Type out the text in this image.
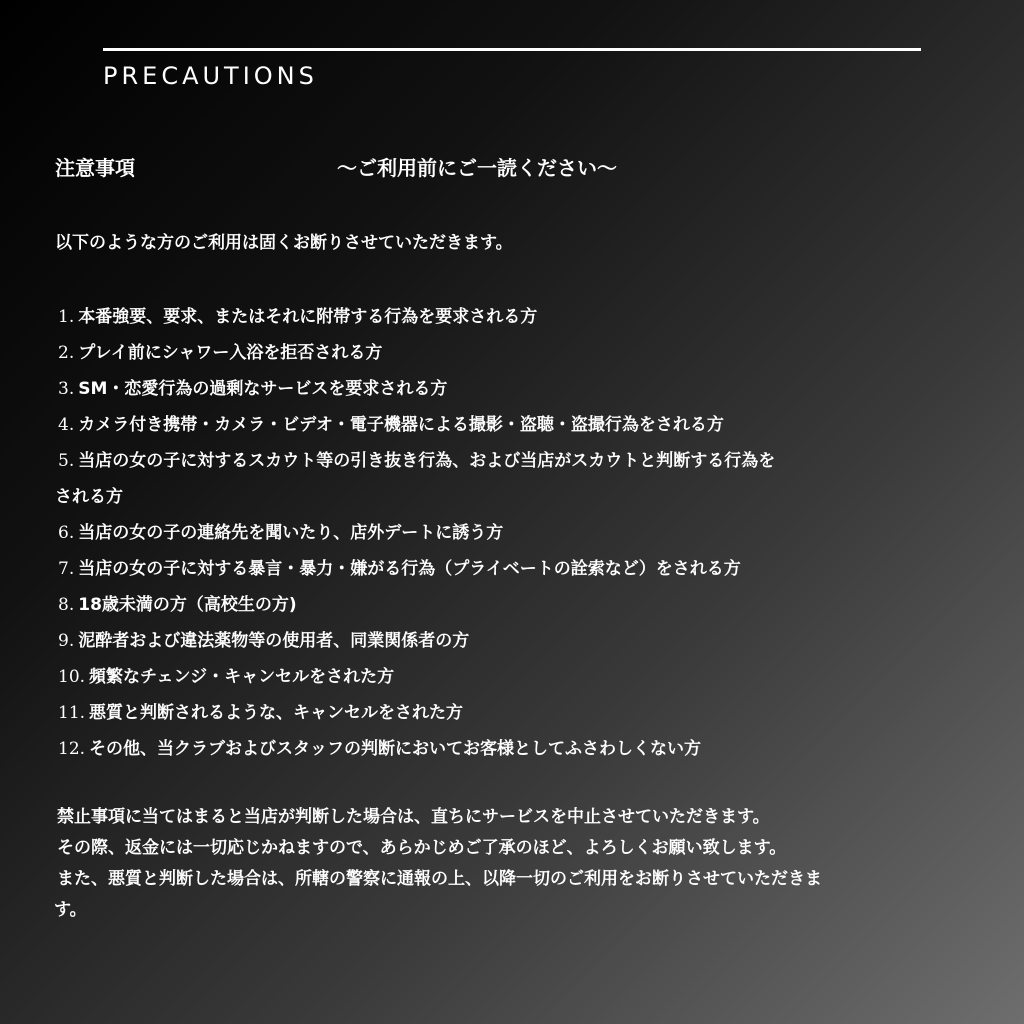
PRECAUTIONS
注意事項	〜ご利用前にご一読ください〜
以下のような方のご利用は固くお断りさせていただきます。
1. 本番強要、要求、またはそれに附帯する行為を要求される方
2. プレイ前にシャワー入浴を拒否される方
3. SM・恋愛行為の過剰なサービスを要求される方
4. カメラ付き携帯・カメラ・ビデオ・電子機器による撮影・盗聴・盗撮行為をされる方
5. 当店の女の子に対するスカウト等の引き抜き行為、および当店がスカウトと判断する行為を
される方
6. 当店の女の子の連絡先を聞いたり、店外デートに誘う方
7. 当店の女の子に対する暴言・暴力・嫌がる行為（プライベートの詮索など）をされる方
8. 18歳未満の方（高校生の方)
9. 泥酔者および違法薬物等の使用者、同業関係者の方
10. 頻繁なチェンジ・キャンセルをされた方
11. 悪質と判断されるような、キャンセルをされた方
12. その他、当クラブおよびスタッフの判断においてお客様としてふさわしくない方

禁止事項に当てはまると当店が判断した場合は、直ちにサービスを中止させていただきます。

その際、返金には一切応じかねますので、あらかじめご了承のほど、よろしくお願い致します。

また、悪質と判断した場合は、所轄の警察に通報の上、以降一切のご利用をお断りさせていただきま
す。
